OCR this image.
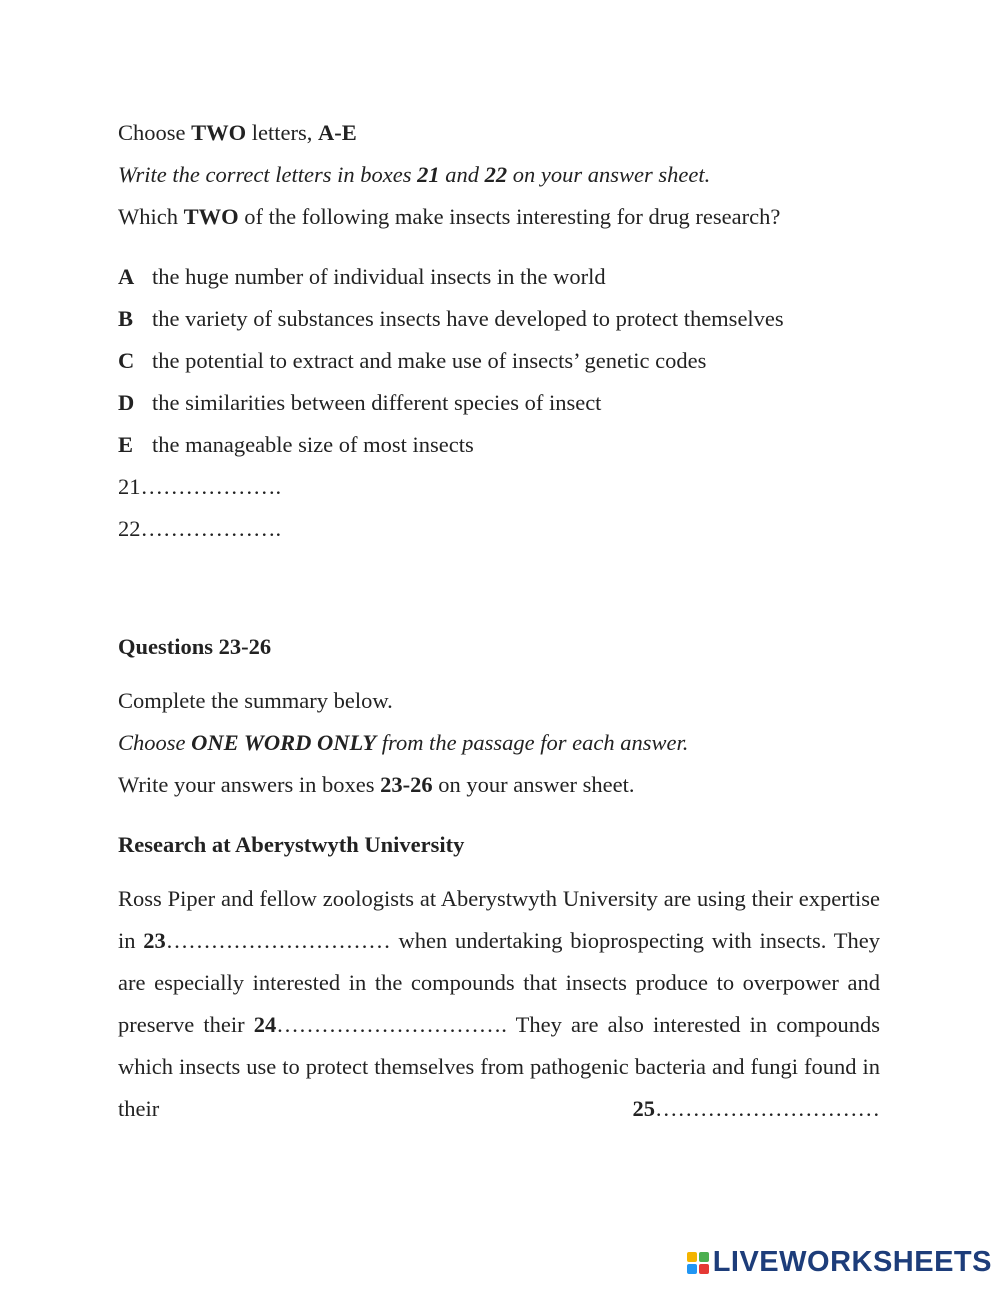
Choose TWO letters, A-E
Write the correct letters in boxes 21 and 22 on your answer sheet.
Which TWO of the following make insects interesting for drug research?
A the huge number of individual insects in the world
B the variety of substances insects have developed to protect themselves
C the potential to extract and make use of insects’ genetic codes
D the similarities between different species of insect
E the manageable size of most insects
21……………….
22……………….
Questions 23-26
Complete the summary below.
Choose ONE WORD ONLY from the passage for each answer.
Write your answers in boxes 23-26 on your answer sheet.
Research at Aberystwyth University
Ross Piper and fellow zoologists at Aberystwyth University are using their expertise in 23………………………… when undertaking bioprospecting with insects. They are especially interested in the compounds that insects produce to overpower and preserve their 24…………………………. They are also interested in compounds which insects use to protect themselves from pathogenic bacteria and fungi found in their 25…………………………
LIVEWORKSHEETS
